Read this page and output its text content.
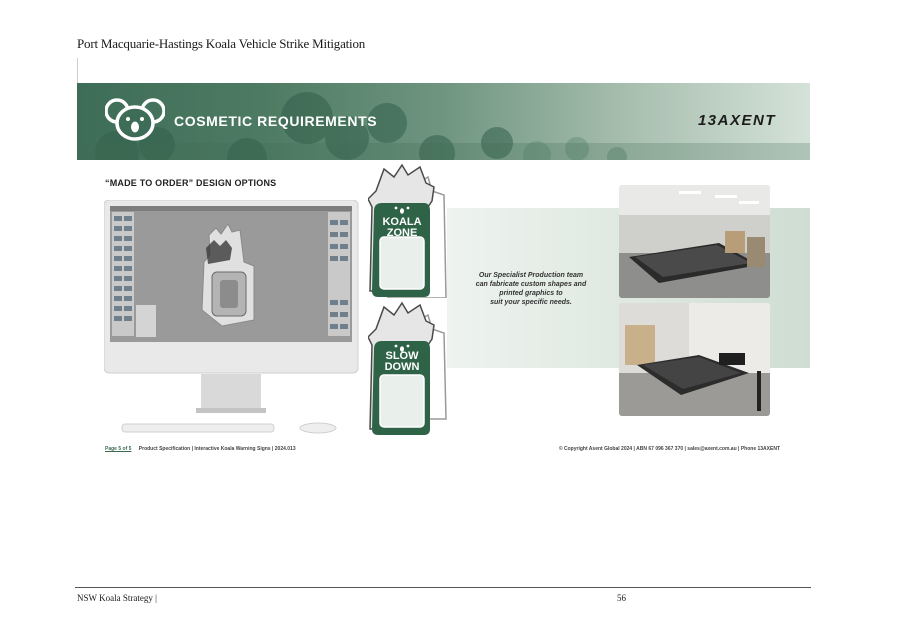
Port Macquarie-Hastings Koala Vehicle Strike Mitigation
COSMETIC REQUIREMENTS	13AXENT
“MADE TO ORDER” DESIGN OPTIONS
KOALA
ZONE
SLOW
DOWN
Our Specialist Production team
can fabricate custom shapes and
printed graphics to
suit your specific needs.
Page 5 of 5 Product Specification | Interactive Koala Warning Signs | 2024.013	© Copyright Asent Global 2024 | ABN 67 096 367 370 | sales@axent.com.au | Phone 13AXENT
NSW Koala Strategy |	56
